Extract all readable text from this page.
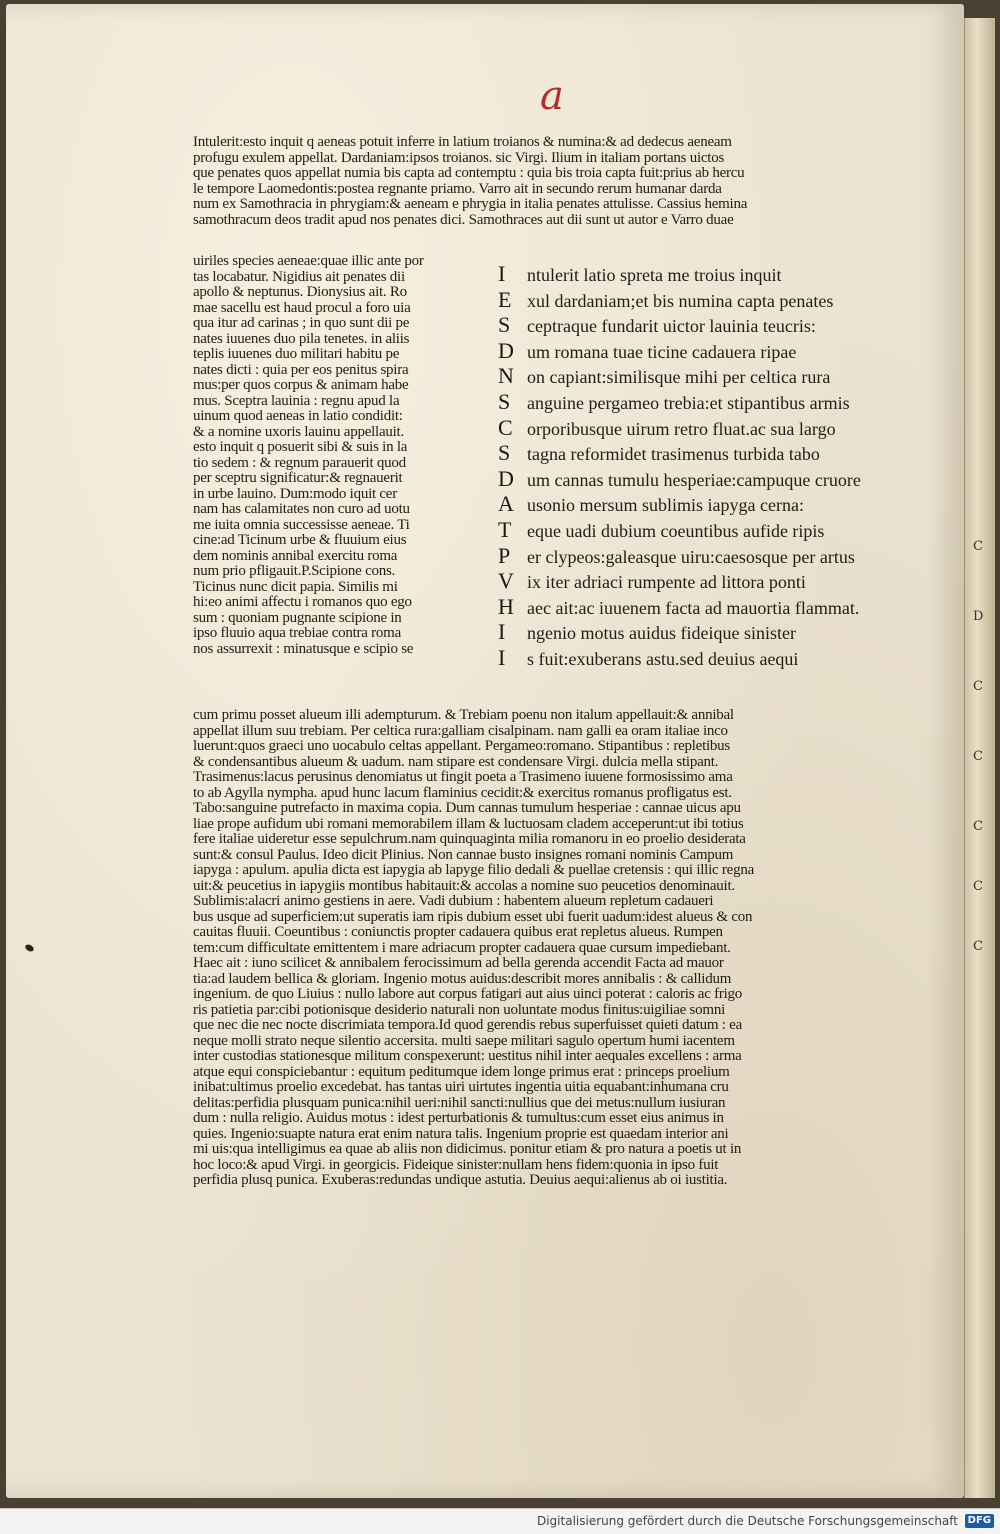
a
Intulerit:esto inquit q aeneas potuit inferre in latium troianos & numina:& ad dedecus aeneam
profugu exulem appellat. Dardaniam:ipsos troianos. sic Virgi. Ilium in italiam portans uictos
que penates quos appellat numia bis capta ad contemptu : quia bis troia capta fuit:prius ab hercu
le tempore Laomedontis:postea regnante priamo. Varro ait in secundo rerum humanar darda
num ex Samothracia in phrygiam:& aeneam e phrygia in italia penates attulisse. Cassius hemina
samothracum deos tradit apud nos penates dici. Samothraces aut dii sunt ut autor e Varro duae
uiriles species aeneae:quae illic ante por
tas locabatur. Nigidius ait penates dii
apollo & neptunus. Dionysius ait. Ro
mae sacellu est haud procul a foro uia
qua itur ad carinas ; in quo sunt dii pe
nates iuuenes duo pila tenetes. in aliis
teplis iuuenes duo militari habitu pe
nates dicti : quia per eos penitus spira
mus:per quos corpus & animam habe
mus. Sceptra lauinia : regnu apud la
uinum quod aeneas in latio condidit:
& a nomine uxoris lauinu appellauit.
esto inquit q posuerit sibi & suis in la
tio sedem : & regnum parauerit quod
per sceptru significatur:& regnauerit
in urbe lauino. Dum:modo iquit cer
nam has calamitates non curo ad uotu
me iuita omnia successisse aeneae. Ti
cine:ad Ticinum urbe & fluuium eius
dem nominis annibal exercitu roma
num prio pfligauit.P.Scipione cons.
Ticinus nunc dicit papia. Similis mi
hi:eo animi affectu i romanos quo ego
sum : quoniam pugnante scipione in
ipso fluuio aqua trebiae contra roma
nos assurrexit : minatusque e scipio se
I	ntulerit latio spreta me troius inquit
E xul dardaniam;et bis numina capta penates
S ceptraque fundarit uictor lauinia teucris:
D um romana tuae ticine cadauera ripae
N on capiant:similisque mihi per celtica rura
S anguine pergameo trebia:et stipantibus armis
C orporibusque uirum retro fluat.ac sua largo
S tagna reformidet trasimenus turbida tabo
D um cannas tumulu hesperiae:campuque cruore
A usonio mersum sublimis iapyga cerna:
T eque uadi dubium coeuntibus aufide ripis
P er clypeos:galeasque uiru:caesosque per artus
V ix iter adriaci rumpente ad littora ponti
H aec ait:ac iuuenem facta ad mauortia flammat.
I	ngenio motus auidus fideique sinister
I	s fuit:exuberans astu.sed deuius aequi
cum primu posset alueum illi adempturum. & Trebiam poenu non italum appellauit:& annibal
appellat illum suu trebiam. Per celtica rura:galliam cisalpinam. nam galli ea oram italiae inco
luerunt:quos graeci uno uocabulo celtas appellant. Pergameo:romano. Stipantibus : repletibus
& condensantibus alueum & uadum. nam stipare est condensare Virgi. dulcia mella stipant.
Trasimenus:lacus perusinus denomiatus ut fingit poeta a Trasimeno iuuene formosissimo ama
to ab Agylla nympha. apud hunc lacum flaminius cecidit:& exercitus romanus profligatus est.
Tabo:sanguine putrefacto in maxima copia. Dum cannas tumulum hesperiae : cannae uicus apu
liae prope aufidum ubi romani memorabilem illam & luctuosam cladem acceperunt:ut ibi totius
fere italiae uideretur esse sepulchrum.nam quinquaginta milia romanoru in eo proelio desiderata
sunt:& consul Paulus. Ideo dicit Plinius. Non cannae busto insignes romani nominis Campum
iapyga : apulum. apulia dicta est iapygia ab lapyge filio dedali & puellae cretensis : qui illic regna
uit:& peucetius in iapygiis montibus habitauit:& accolas a nomine suo peucetios denominauit.
Sublimis:alacri animo gestiens in aere. Vadi dubium : habentem alueum repletum cadaueri
bus usque ad superficiem:ut superatis iam ripis dubium esset ubi fuerit uadum:idest alueus & con
cauitas fluuii. Coeuntibus : coniunctis propter cadauera quibus erat repletus alueus. Rumpen
tem:cum difficultate emittentem i mare adriacum propter cadauera quae cursum impediebant.
Haec ait : iuno scilicet & annibalem ferocissimum ad bella gerenda accendit Facta ad mauor
tia:ad laudem bellica & gloriam. Ingenio motus auidus:describit mores annibalis : & callidum
ingenium. de quo Liuius : nullo labore aut corpus fatigari aut aius uinci poterat : caloris ac frigo
ris patietia par:cibi potionisque desiderio naturali non uoluntate modus finitus:uigiliae somni
que nec die nec nocte discrimiata tempora.Id quod gerendis rebus superfuisset quieti datum : ea
neque molli strato neque silentio accersita. multi saepe militari sagulo opertum humi iacentem
inter custodias stationesque militum conspexerunt: uestitus nihil inter aequales excellens : arma
atque equi conspiciebantur : equitum peditumque idem longe primus erat : princeps proelium
inibat:ultimus proelio excedebat. has tantas uiri uirtutes ingentia uitia equabant:inhumana cru
delitas:perfidia plusquam punica:nihil ueri:nihil sancti:nullius que dei metus:nullum iusiuran
dum : nulla religio. Auidus motus : idest perturbationis & tumultus:cum esset eius animus in
quies. Ingenio:suapte natura erat enim natura talis. Ingenium proprie est quaedam interior ani
mi uis:qua intelligimus ea quae ab aliis non didicimus. ponitur etiam & pro natura a poetis ut in
hoc loco:& apud Virgi. in georgicis. Fideique sinister:nullam hens fidem:quonia in ipso fuit
perfidia plusq punica. Exuberas:redundas undique astutia. Deuius aequi:alienus ab oi iustitia.
Digitalisierung gefördert durch die Deutsche Forschungsgemeinschaft DFG
C
D
C
C
C
C
C
